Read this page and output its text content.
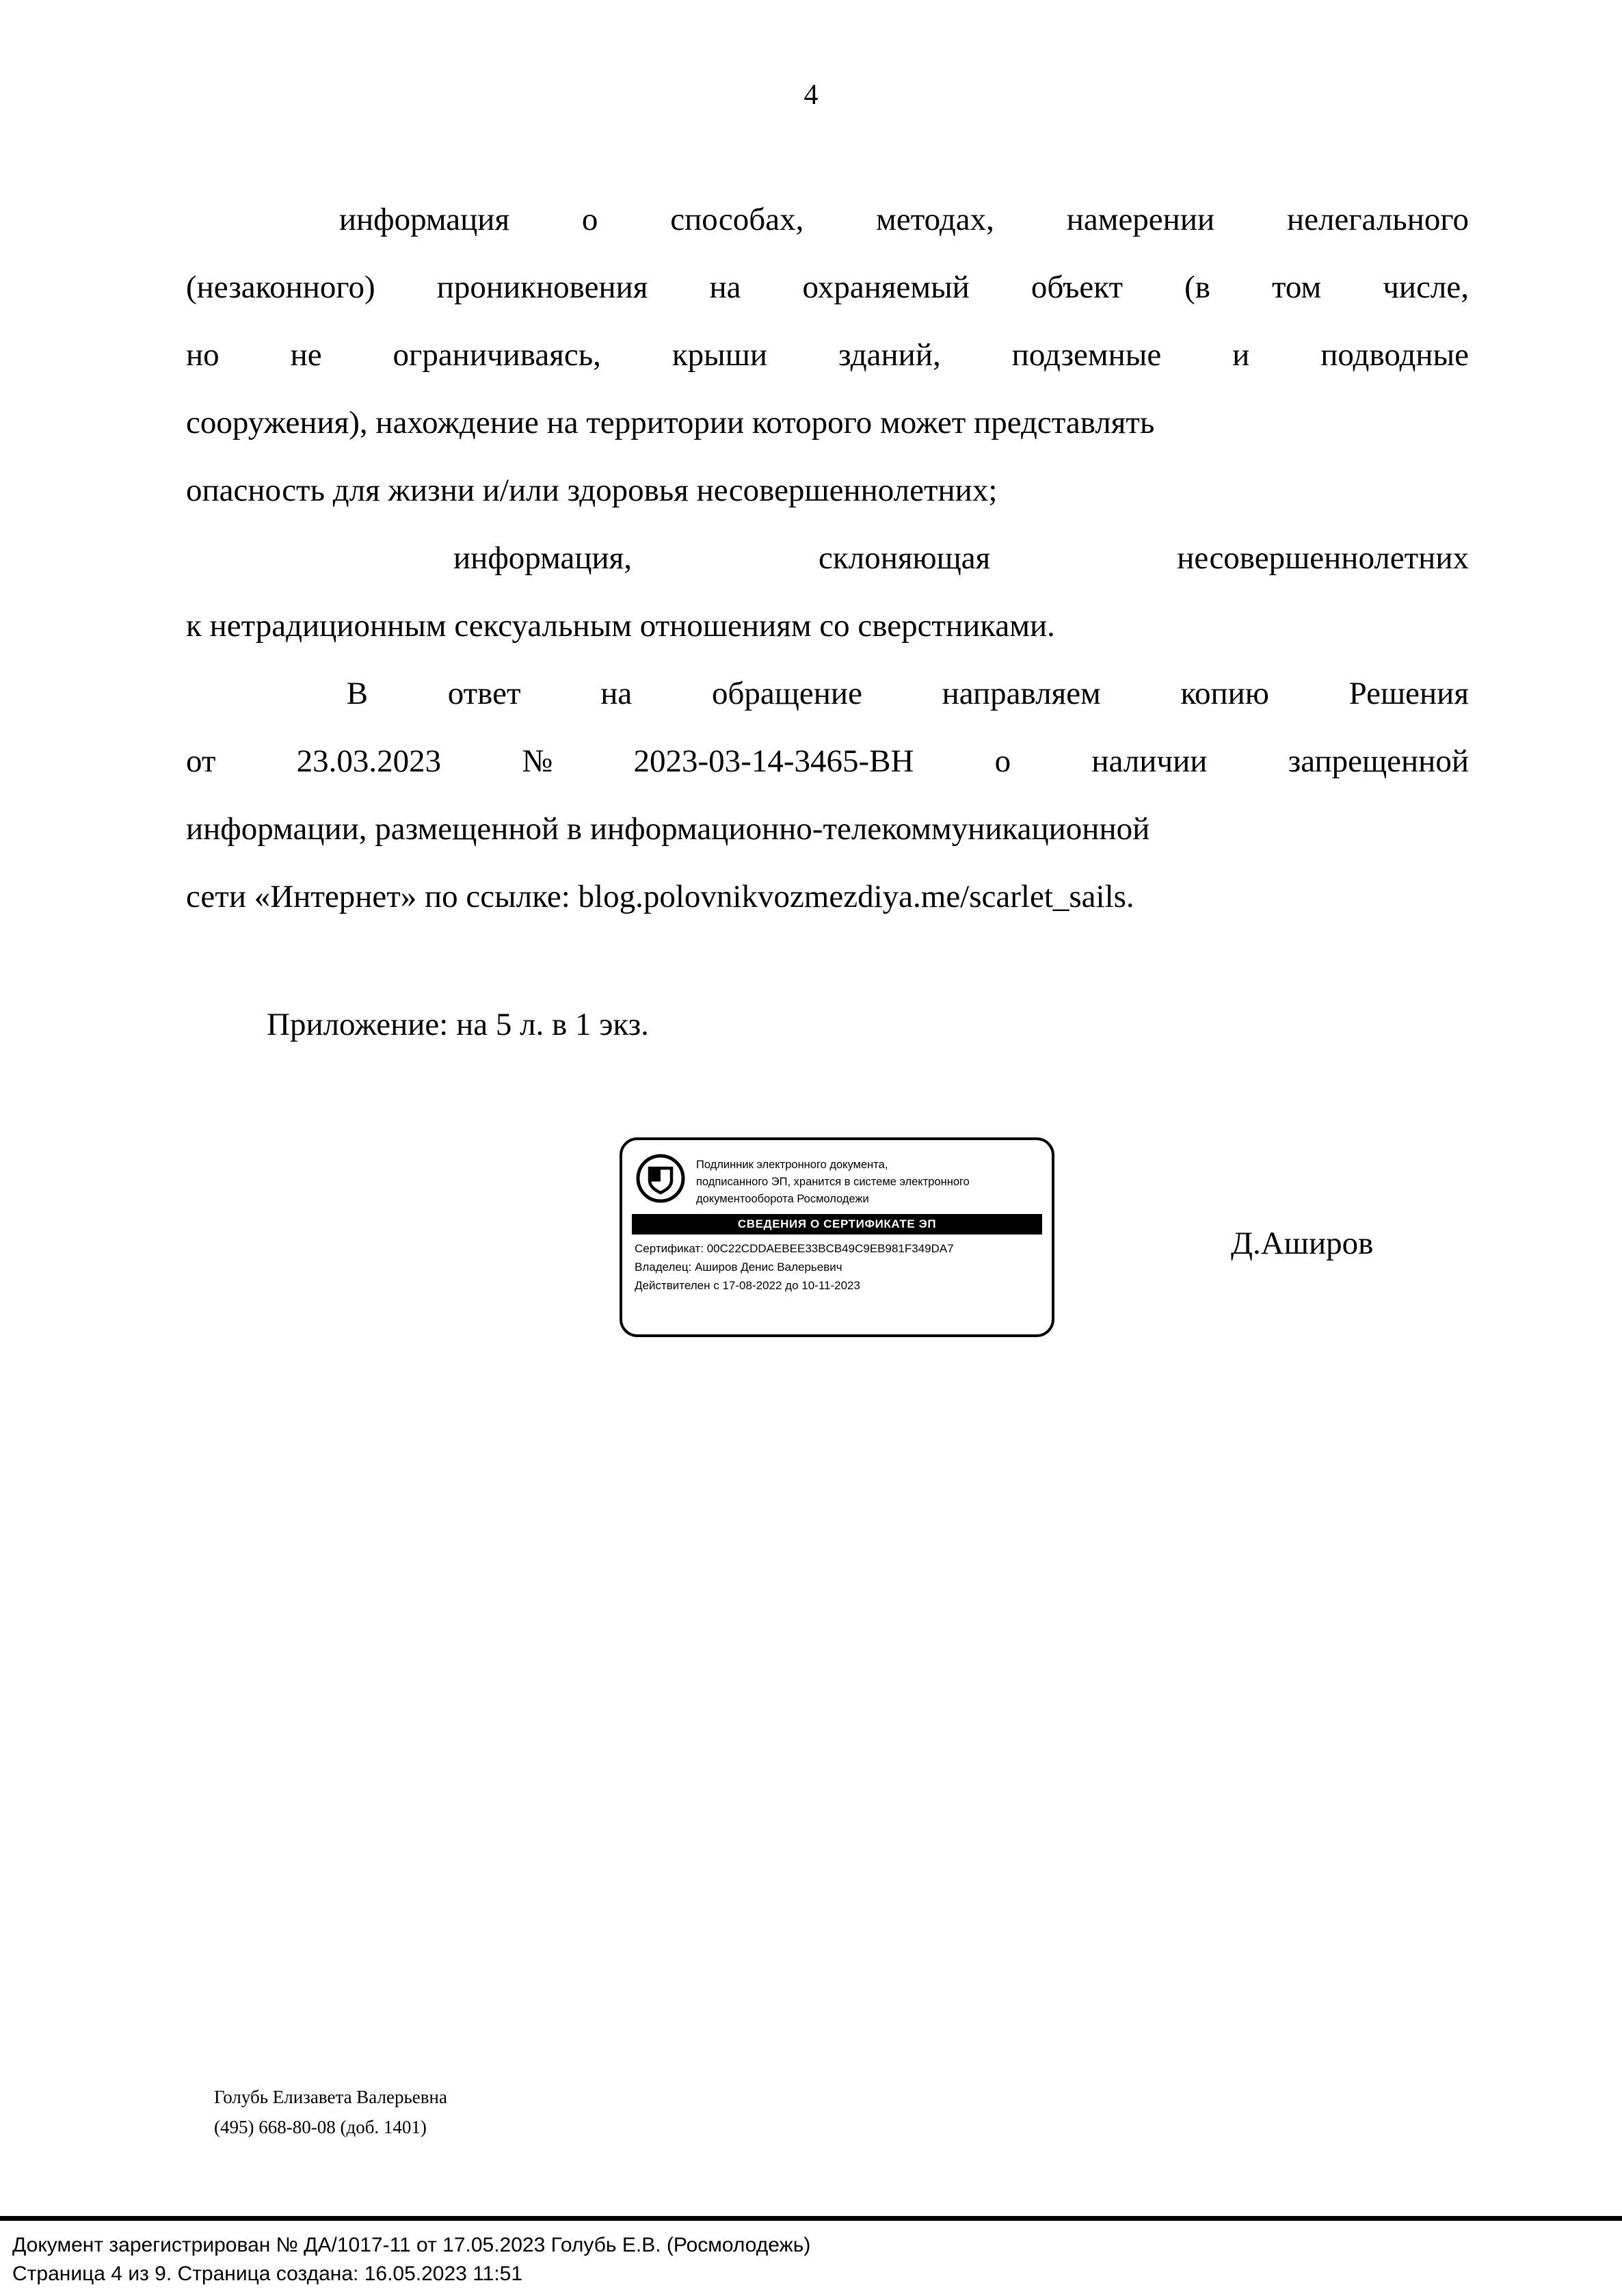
4
информация о способах, методах, намерении нелегального
(незаконного) проникновения на охраняемый объект (в том числе,
но не ограничиваясь, крыши зданий, подземные и подводные
сооружения), нахождение на территории которого может представлять
опасность для жизни и/или здоровья несовершеннолетних;
информация,	склоняющая	несовершеннолетних
к нетрадиционным сексуальным отношениям со сверстниками.
В ответ на обращение направляем копию Решения
от	23.03.2023	№	2023-03-14-3465-ВН	о	наличии	запрещенной
информации, размещенной в информационно-телекоммуникационной
сети «Интернет» по ссылке: blog.polovnikvozmezdiya.me/scarlet_sails.
Приложение: на 5 л. в 1 экз.
Подлинник электронного документа,
подписанного ЭП, хранится в системе электронного
документооборота Росмолодежи
СВЕДЕНИЯ О СЕРТИФИКАТЕ ЭП
Сертификат: 00C22CDDAEBEE33BCB49C9EB981F349DA7
Владелец: Аширов Денис Валерьевич
Действителен с 17-08-2022 до 10-11-2023
Д.Аширов
Голубь Елизавета Валерьевна
(495) 668-80-08 (доб. 1401)
Документ зарегистрирован № ДА/1017-11 от 17.05.2023 Голубь Е.В. (Росмолодежь)
Страница 4 из 9. Страница создана: 16.05.2023 11:51
